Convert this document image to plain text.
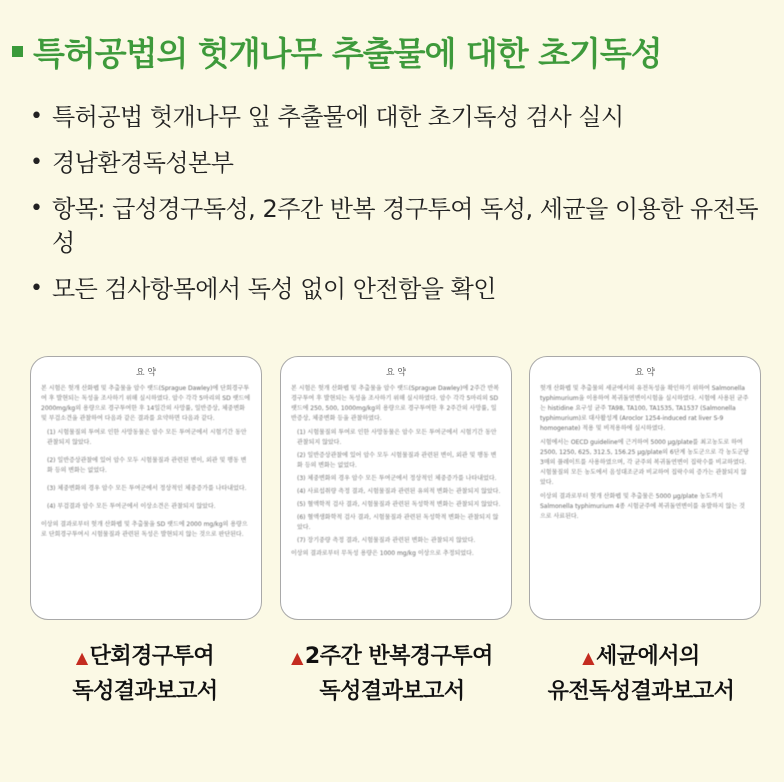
특허공법의 헛개나무 추출물에 대한 초기독성
• 특허공법 헛개나무 잎 추출물에 대한 초기독성 검사 실시
• 경남환경독성본부
• 항목: 급성경구독성, 2주간 반복 경구투여 독성, 세균을 이용한 유전독성
• 모든 검사항목에서 독성 없이 안전함을 확인
요 약

본 시험은 헛개 산화펩 및 추출물을 암수 랫드(Sprague Dawley)에 단회경구투여 후 발현되는 독성을 조사하기 위해 실시하였다. 암수 각각 5마리의 SD 랫드에 2000mg/kg의 용량으로 경구투여한 후 14일간의 사망률, 일반증상, 체중변화 및 부검소견을 관찰하여 다음과 같은 결과를 요약하면 다음과 같다.

(1) 시험물질의 투여로 인한 사망동물은 암수 모든 투여군에서 시험기간 동안 관찰되지 않았다.

(2) 일반증상관찰에 있어 암수 모두 시험물질과 관련된 변이, 외관 및 행동 변화 등의 변화는 없었다.

(3) 체중변화의 경우 암수 모든 투여군에서 정상적인 체중증가를 나타내었다.

(4) 부검결과 암수 모든 투여군에서 이상소견은 관찰되지 않았다.

이상의 결과로부터 헛개 산화펩 및 추출물을 SD 랫드에 2000 mg/kg의 용량으로 단회경구투여시 시험물질과 관련된 독성은 발현되지 않는 것으로 판단된다.

요 약

본 시험은 헛개 산화펩 및 추출물을 암수 랫드(Sprague Dawley)에 2주간 반복경구투여 후 발현되는 독성을 조사하기 위해 실시하였다. 암수 각각 5마리의 SD 랫드에 250, 500, 1000mg/kg의 용량으로 경구투여한 후 2주간의 사망률, 일반증상, 체중변화 등을 관찰하였다.

(1) 시험물질의 투여로 인한 사망동물은 암수 모든 투여군에서 시험기간 동안 관찰되지 않았다.

(2) 일반증상관찰에 있어 암수 모두 시험물질과 관련된 변이, 외관 및 행동 변화 등의 변화는 없었다.

(3) 체중변화의 경우 암수 모든 투여군에서 정상적인 체중증가를 나타내었다.

(4) 사료섭취량 측정 결과, 시험물질과 관련된 유의적 변화는 관찰되지 않았다.

(5) 혈액학적 검사 결과, 시험물질과 관련된 독성학적 변화는 관찰되지 않았다.

(6) 혈액생화학적 검사 결과, 시험물질과 관련된 독성학적 변화는 관찰되지 않았다.

(7) 장기중량 측정 결과, 시험물질과 관련된 변화는 관찰되지 않았다.

이상의 결과로부터 무독성 용량은 1000 mg/kg 이상으로 추정되었다.

요 약

헛개 산화펩 및 추출물의 세균에서의 유전독성을 확인하기 위하여 Salmonella typhimurium을 이용하여 복귀돌연변이시험을 실시하였다. 시험에 사용된 균주는 histidine 요구성 균주 TA98, TA100, TA1535, TA1537 (Salmonella typhimurium)로 대사활성계 (Aroclor 1254-induced rat liver S-9 homogenate) 적용 및 비적용하에 실시하였다.

시험에서는 OECD guideline에 근거하여 5000 μg/plate를 최고농도로 하여 2500, 1250, 625, 312.5, 156.25 μg/plate의 6단계 농도군으로 각 농도군당 3매의 플레이트를 사용하였으며, 각 균주의 복귀돌연변이 집락수를 비교하였다. 시험물질의 모든 농도에서 음성대조군과 비교하여 집락수의 증가는 관찰되지 않았다.

이상의 결과로부터 헛개 산화펩 및 추출물은 5000 μg/plate 농도까지 Salmonella typhimurium 4종 시험균주에 복귀돌연변이를 유발하지 않는 것으로 사료된다.

▲단회경구투여
독성결과보고서
▲2주간 반복경구투여
독성결과보고서
▲세균에서의
유전독성결과보고서
